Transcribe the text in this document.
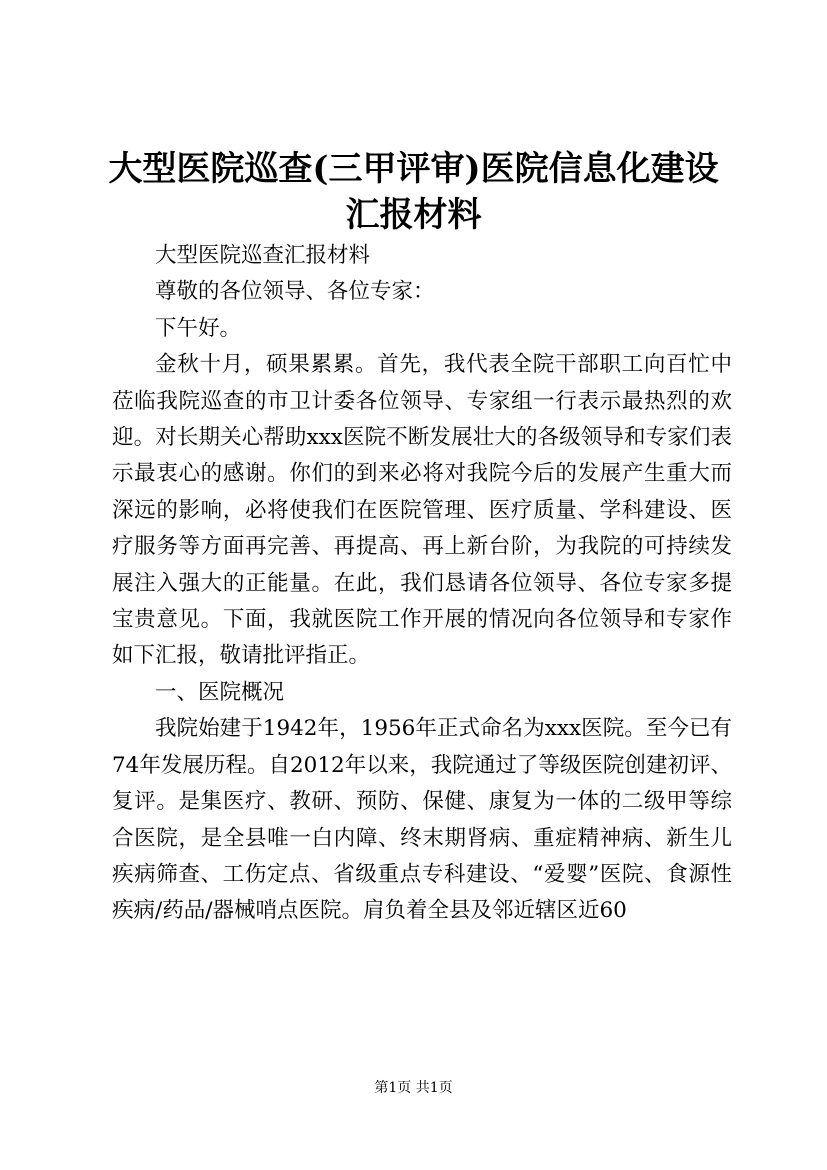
大型医院巡查(三甲评审)医院信息化建设汇报材料

大型医院巡查汇报材料

尊敬的各位领导、各位专家：

下午好。

金秋十月，硕果累累。首先，我代表全院干部职工向百忙中莅临我院巡查的市卫计委各位领导、专家组一行表示最热烈的欢迎。对长期关心帮助xxx医院不断发展壮大的各级领导和专家们表示最衷心的感谢。你们的到来必将对我院今后的发展产生重大而深远的影响，必将使我们在医院管理、医疗质量、学科建设、医疗服务等方面再完善、再提高、再上新台阶，为我院的可持续发展注入强大的正能量。在此，我们恳请各位领导、各位专家多提宝贵意见。下面，我就医院工作开展的情况向各位领导和专家作如下汇报，敬请批评指正。

一、医院概况

我院始建于1942年，1956年正式命名为xxx医院。至今已有74年发展历程。自2012年以来，我院通过了等级医院创建初评、复评。是集医疗、教研、预防、保健、康复为一体的二级甲等综合医院，是全县唯一白内障、终末期肾病、重症精神病、新生儿疾病筛查、工伤定点、省级重点专科建设、“爱婴”医院、食源性疾病/药品/器械哨点医院。肩负着全县及邻近辖区近60

第1页 共1页
